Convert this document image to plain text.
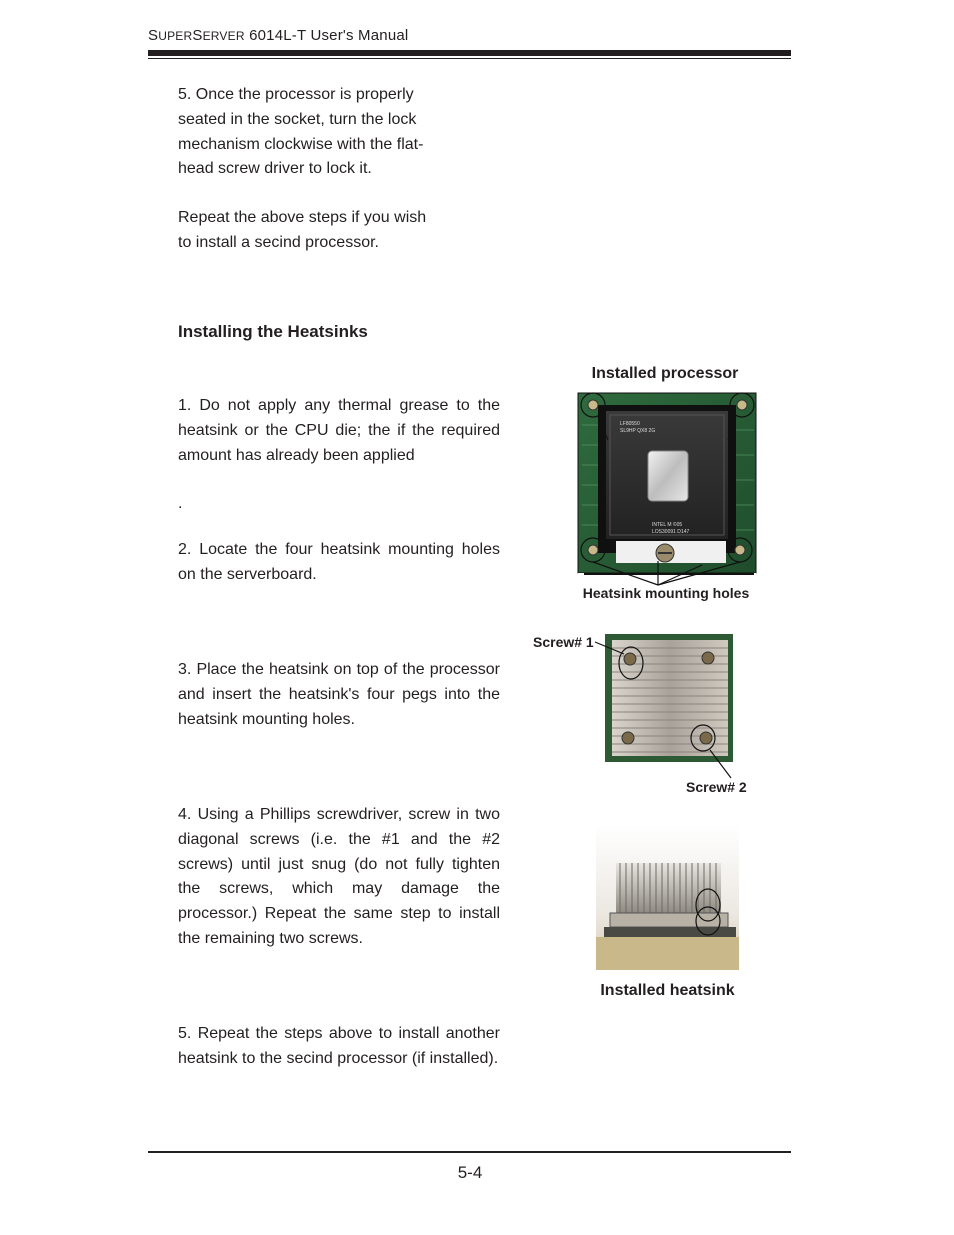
SUPERSERVER 6014L-T User's Manual

5. Once the processor is properly seated in the socket, turn the lock mechanism clockwise with the flat-head screw driver to lock it.

Repeat the above steps if you wish to install a secind processor.

Installing the Heatsinks

1. Do not apply any thermal grease to the heatsink or the CPU die; the if the required amount has already been applied

.

2. Locate the four heatsink mounting holes on the serverboard.

3. Place the heatsink on top of the processor and insert the heatsink's four pegs into the heatsink mounting holes.

4. Using a Phillips screwdriver, screw in two diagonal screws (i.e. the #1 and the #2 screws) until just snug (do not fully tighten the screws, which may damage the processor.) Repeat the same step to install the remaining two screws.

5. Repeat the steps above to install another heatsink to the secind processor (if installed).

Installed processor
LF80550
SL9HP QX8 2G
INTEL M ©05
LOS30091 D147
Heatsink mounting holes
Screw# 1
Screw# 2
Installed heatsink
5-4
